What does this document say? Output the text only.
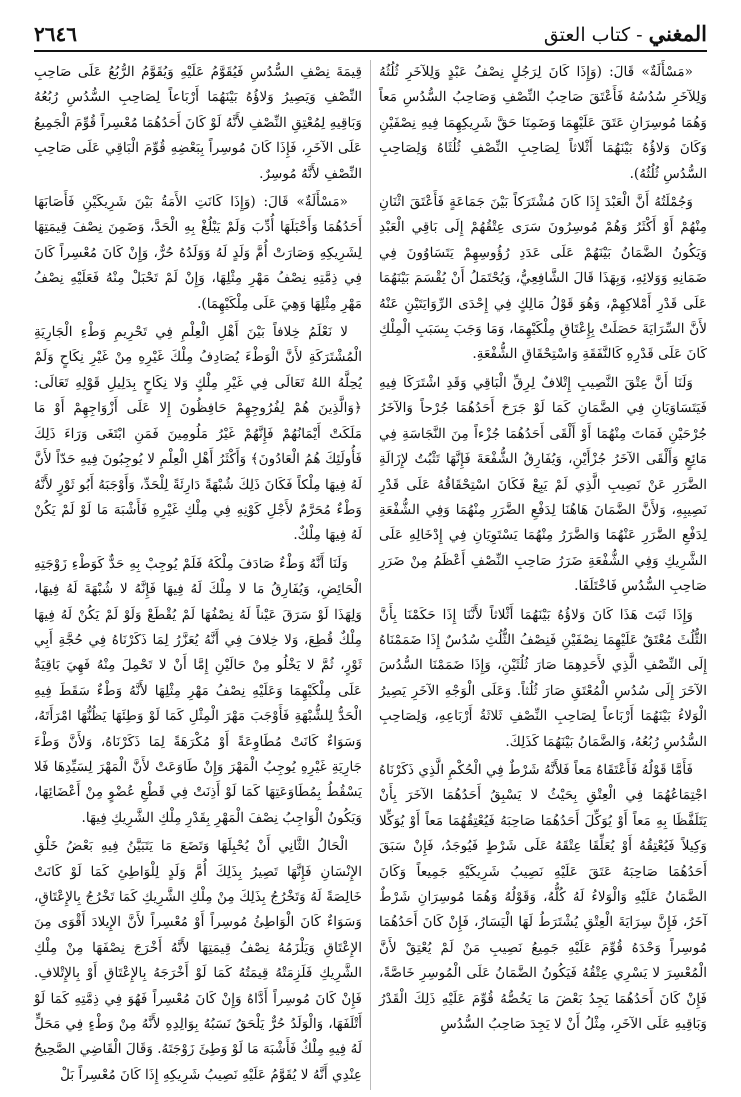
٢٦٤٦	المغني - كتاب العتق

«مَسْأَلَةٌ» قَالَ: (وَإِذَا كَانَ لِرَجُلٍ نِصْفُ عَبْدٍ وَلِلآخَرِ ثُلُثُهُ وَلِلآخَرِ سُدُسُهُ فَأَعْتَقَ صَاحِبُ النِّصْفِ وَصَاحِبُ السُّدُسِ مَعاً وَهُمَا مُوسِرَانِ عَتَقَ عَلَيْهِمَا وَضَمِنَا حَقَّ شَرِيكِهِمَا فِيهِ نِصْفَيْنِ وَكَانَ وَلاؤُهُ بَيْنَهُمَا أَثْلاثاً لِصَاحِبِ النِّصْفِ ثُلُثَاهُ وَلِصَاحِبِ السُّدُسِ ثُلُثُهُ).

وَجُمْلَتُهُ أَنَّ الْعَبْدَ إِذَا كَانَ مُشْتَرَكاً بَيْنَ جَمَاعَةٍ فَأَعْتَقَ اثْنَانِ مِنْهُمْ أَوْ أَكْثَرُ وَهُمْ مُوسِرُونَ سَرَى عِتْقُهُمْ إِلَى بَاقِي الْعَبْدِ وَيَكُونُ الضَّمَانُ بَيْنَهُمْ عَلَى عَدَدِ رُؤُوسِهِمْ يَتَسَاوُونَ فِي ضَمَانِهِ وَوَلائِهِ، وَبِهَذَا قَالَ الشَّافِعِيُّ، وَيُحْتَمَلُ أَنْ يُقْسَمَ بَيْنَهُمَا عَلَى قَدْرِ أَمْلاكِهِمْ، وَهُوَ قَوْلُ مَالِكٍ فِي إِحْدَى الرِّوَايَتَيْنِ عَنْهُ لأَنَّ السِّرَايَةَ حَصَلَتْ بِإِعْتَاقِ مِلْكَيْهِمَا، وَمَا وَجَبَ بِسَبَبِ الْمِلْكِ كَانَ عَلَى قَدْرِهِ كَالنَّفَقَةِ وَاسْتِحْقَاقِ الشُّفْعَةِ.

وَلَنَا أَنَّ عِتْقَ النَّصِيبِ إِتْلافٌ لِرِقِّ الْبَاقِي وَقَدِ اشْتَرَكَا فِيهِ فَيَتَسَاوَيَانِ فِي الضَّمَانِ كَمَا لَوْ جَرَحَ أَحَدُهُمَا جُرْحاً وَالآخَرُ جُرْحَيْنِ فَمَاتَ مِنْهُمَا أَوْ أَلْقَى أَحَدُهُمَا جُزْءاً مِنَ النَّجَاسَةِ فِي مَائِعٍ وَأَلْقَى الآخَرُ جُزْأَيْنِ، وَيُفَارِقُ الشُّفْعَةَ فَإِنَّهَا تَثْبُتُ لإِزَالَةِ الضَّرَرِ عَنْ نَصِيبِ الَّذِي لَمْ يَبِعْ فَكَانَ اسْتِحْقَاقُهُ عَلَى قَدْرِ نَصِيبِهِ، وَلأَنَّ الضَّمَانَ هَاهُنَا لِدَفْعِ الضَّرَرِ مِنْهُمَا وَفِي الشُّفْعَةِ لِدَفْعِ الضَّرَرِ عَنْهُمَا وَالضَّرَرُ مِنْهُمَا يَسْتَوِيَانِ فِي إِدْخَالِهِ عَلَى الشَّرِيكِ وَفِي الشُّفْعَةِ ضَرَرُ صَاحِبِ النِّصْفِ أَعْظَمُ مِنْ ضَرَرِ صَاحِبِ السُّدُسِ فَاخْتَلَفَا.

وَإِذَا ثَبَتَ هَذَا كَانَ وَلاؤُهُ بَيْنَهُمَا أَثْلاثاً لأَنَّنَا إِذَا حَكَمْنَا بِأَنَّ الثُّلُثَ مُعْتَقٌ عَلَيْهِمَا نِصْفَيْنِ فَنِصْفُ الثُّلُثِ سُدُسٌ إِذَا ضَمَمْنَاهُ إِلَى النِّصْفِ الَّذِي لأَحَدِهِمَا صَارَ ثُلُثَيْنِ، وَإِذَا ضَمَمْنَا السُّدُسَ الآخَرَ إِلَى سُدُسِ الْمُعْتَقِ صَارَ ثُلُثاً. وَعَلَى الْوَجْهِ الآخَرِ يَصِيرُ الْوَلاءُ بَيْنَهُمَا أَرْبَاعاً لِصَاحِبِ النِّصْفِ ثَلاثَةُ أَرْبَاعِهِ، وَلِصَاحِبِ السُّدُسِ رُبُعُهُ، وَالضَّمَانُ بَيْنَهُمَا كَذَلِكَ.

فَأَمَّا قَوْلُهُ فَأَعْتَقَاهُ مَعاً فَلأَنَّهُ شَرْطٌ فِي الْحُكْمِ الَّذِي ذَكَرْنَاهُ اجْتِمَاعُهُمَا فِي الْعِتْقِ بِحَيْثُ لا يَسْبِقُ أَحَدُهُمَا الآخَرَ بِأَنْ يَتَلَفَّظَا بِهِ مَعاً أَوْ يُوَكِّلَ أَحَدُهُمَا صَاحِبَهُ فَيُعْتِقُهُمَا مَعاً أَوْ يُوَكِّلا وَكِيلاً فَيُعْتِقُهُ أَوْ يُعَلِّقَا عِتْقَهُ عَلَى شَرْطٍ فَيُوجَدُ، فَإِنْ سَبَقَ أَحَدُهُمَا صَاحِبَهُ عَتَقَ عَلَيْهِ نَصِيبُ شَرِيكَيْهِ جَمِيعاً وَكَانَ الضَّمَانُ عَلَيْهِ وَالْوَلاءُ لَهُ كُلُّهُ، وَقَوْلُهُ وَهُمَا مُوسِرَانِ شَرْطٌ آخَرُ، فَإِنَّ سِرَايَةَ الْعِتْقِ يُشْتَرَطُ لَهَا الْيَسَارُ، فَإِنْ كَانَ أَحَدُهُمَا مُوسِراً وَحْدَهُ قُوِّمَ عَلَيْهِ جَمِيعُ نَصِيبِ مَنْ لَمْ يُعْتِقْ لأَنَّ الْمُعْسِرَ لا يَسْرِي عِتْقُهُ فَيَكُونُ الضَّمَانُ عَلَى الْمُوسِرِ خَاصَّةً، فَإِنْ كَانَ أَحَدُهُمَا يَجِدُ بَعْضَ مَا يَخُصُّهُ قُوِّمَ عَلَيْهِ ذَلِكَ الْقَدْرُ وَبَاقِيهِ عَلَى الآخَرِ، مِثْلُ أَنْ لا يَجِدَ صَاحِبُ السُّدُسِ

قِيمَةَ نِصْفِ السُّدُسِ فَيُقَوَّمُ عَلَيْهِ وَيُقَوَّمُ الرُّبُعُ عَلَى صَاحِبِ النِّصْفِ وَيَصِيرُ وَلاؤُهُ بَيْنَهُمَا أَرْبَاعاً لِصَاحِبِ السُّدُسِ رُبُعُهُ وَبَاقِيهِ لِمُعْتِقِ النِّصْفِ لأَنَّهُ لَوْ كَانَ أَحَدُهُمَا مُعْسِراً قُوِّمَ الْجَمِيعُ عَلَى الآخَرِ، فَإِذَا كَانَ مُوسِراً بِبَعْضِهِ قُوِّمَ الْبَاقِي عَلَى صَاحِبِ النِّصْفِ لأَنَّهُ مُوسِرٌ.

«مَسْأَلَةٌ» قَالَ: (وَإِذَا كَانَتِ الأَمَةُ بَيْنَ شَرِيكَيْنِ فَأَصَابَهَا أَحَدُهُمَا وَأَحْبَلَهَا أُدِّبَ وَلَمْ يَبْلُغْ بِهِ الْحَدَّ، وَضَمِنَ نِصْفَ قِيمَتِهَا لِشَرِيكِهِ وَصَارَتْ أُمَّ وَلَدٍ لَهُ وَوَلَدُهُ حُرٌّ، وَإِنْ كَانَ مُعْسِراً كَانَ فِي ذِمَّتِهِ نِصْفُ مَهْرِ مِثْلِهَا، وَإِنْ لَمْ تَحْبَلْ مِنْهُ فَعَلَيْهِ نِصْفُ مَهْرِ مِثْلِهَا وَهِيَ عَلَى مِلْكَيْهِمَا).

لا نَعْلَمُ خِلافاً بَيْنَ أَهْلِ الْعِلْمِ فِي تَحْرِيمِ وَطْءِ الْجَارِيَةِ الْمُشْتَرَكَةِ لأَنَّ الْوَطْءَ يُصَادِفُ مِلْكَ غَيْرِهِ مِنْ غَيْرِ نِكَاحٍ وَلَمْ يُحِلَّهُ اللهُ تَعَالَى فِي غَيْرِ مِلْكٍ وَلا نِكَاحٍ بِدَلِيلِ قَوْلِهِ تَعَالَى: ﴿وَالَّذِينَ هُمْ لِفُرُوجِهِمْ حَافِظُونَ إِلا عَلَى أَزْوَاجِهِمْ أَوْ مَا مَلَكَتْ أَيْمَانُهُمْ فَإِنَّهُمْ غَيْرُ مَلُومِينَ فَمَنِ ابْتَغَى وَرَاءَ ذَلِكَ فَأُولَئِكَ هُمُ الْعَادُونَ﴾ وَأَكْثَرُ أَهْلِ الْعِلْمِ لا يُوجِبُونَ فِيهِ حَدّاً لأَنَّ لَهُ فِيهَا مِلْكاً فَكَانَ ذَلِكَ شُبْهَةً دَارِئَةً لِلْحَدِّ، وَأَوْجَبَهُ أَبُو ثَوْرٍ لأَنَّهُ وَطْءٌ مُحَرَّمٌ لأَجْلِ كَوْنِهِ فِي مِلْكِ غَيْرِهِ فَأَشْبَهَ مَا لَوْ لَمْ يَكُنْ لَهُ فِيهَا مِلْكٌ.

وَلَنَا أَنَّهُ وَطْءٌ صَادَفَ مِلْكَهُ فَلَمْ يُوجِبْ بِهِ حَدٌّ كَوَطْءِ زَوْجَتِهِ الْحَائِضِ، وَيُفَارِقُ مَا لا مِلْكَ لَهُ فِيهَا فَإِنَّهُ لا شُبْهَةَ لَهُ فِيهَا، وَلِهَذَا لَوْ سَرَقَ عَيْناً لَهُ نِصْفُهَا لَمْ يُقْطَعْ وَلَوْ لَمْ يَكُنْ لَهُ فِيهَا مِلْكٌ قُطِعَ، وَلا خِلافَ فِي أَنَّهُ يُعَزَّرُ لِمَا ذَكَرْنَاهُ فِي حُجَّةِ أَبِي ثَوْرٍ، ثُمَّ لا يَخْلُو مِنْ حَالَيْنِ إِمَّا أَنْ لا تَحْمِلَ مِنْهُ فَهِيَ بَاقِيَةٌ عَلَى مِلْكَيْهِمَا وَعَلَيْهِ نِصْفُ مَهْرِ مِثْلِهَا لأَنَّهُ وَطْءٌ سَقَطَ فِيهِ الْحَدُّ لِلشُّبْهَةِ فَأَوْجَبَ مَهْرَ الْمِثْلِ كَمَا لَوْ وَطِئَهَا يَظُنُّهَا امْرَأَتَهُ، وَسَوَاءٌ كَانَتْ مُطَاوِعَةً أَوْ مُكْرَهَةً لِمَا ذَكَرْنَاهُ، وَلأَنَّ وَطْءَ جَارِيَةِ غَيْرِهِ يُوجِبُ الْمَهْرَ وَإِنْ طَاوَعَتْ لأَنَّ الْمَهْرَ لِسَيِّدِهَا فَلا يَسْقُطُ بِمُطَاوَعَتِهَا كَمَا لَوْ أَذِنَتْ فِي قَطْعِ عُضْوٍ مِنْ أَعْضَائِهَا، وَيَكُونُ الْوَاجِبُ نِصْفَ الْمَهْرِ بِقَدْرِ مِلْكِ الشَّرِيكِ فِيهَا.

الْحَالُ الثَّانِي أَنْ يُحْبِلَهَا وَتَضَعَ مَا يَتَبَيَّنُ فِيهِ بَعْضُ خَلْقِ الإِنْسَانِ فَإِنَّهَا تَصِيرُ بِذَلِكَ أُمَّ وَلَدٍ لِلْوَاطِئِ كَمَا لَوْ كَانَتْ خَالِصَةً لَهُ وَتَخْرُجُ بِذَلِكَ مِنْ مِلْكِ الشَّرِيكِ كَمَا تَخْرُجُ بِالإِعْتَاقِ، وَسَوَاءٌ كَانَ الْوَاطِئُ مُوسِراً أَوْ مُعْسِراً لأَنَّ الإِيلادَ أَقْوَى مِنَ الإِعْتَاقِ وَيَلْزَمُهُ نِصْفُ قِيمَتِهَا لأَنَّهُ أَخْرَجَ نِصْفَهَا مِنْ مِلْكِ الشَّرِيكِ فَلَزِمَتْهُ قِيمَتُهُ كَمَا لَوْ أَخْرَجَهُ بِالإِعْتَاقِ أَوْ بِالإِتْلافِ. فَإِنْ كَانَ مُوسِراً أَدَّاهُ وَإِنْ كَانَ مُعْسِراً فَهُوَ فِي ذِمَّتِهِ كَمَا لَوْ أَتْلَفَهَا، وَالْوَلَدُ حُرٌّ يَلْحَقُ نَسَبُهُ بِوَالِدِهِ لأَنَّهُ مِنْ وَطْءٍ فِي مَحَلٍّ لَهُ فِيهِ مِلْكٌ فَأَشْبَهَ مَا لَوْ وَطِئَ زَوْجَتَهُ. وَقَالَ الْقَاضِي الصَّحِيحُ عِنْدِي أَنَّهُ لا يُقَوَّمُ عَلَيْهِ نَصِيبُ شَرِيكِهِ إِذَا كَانَ مُعْسِراً بَلْ
